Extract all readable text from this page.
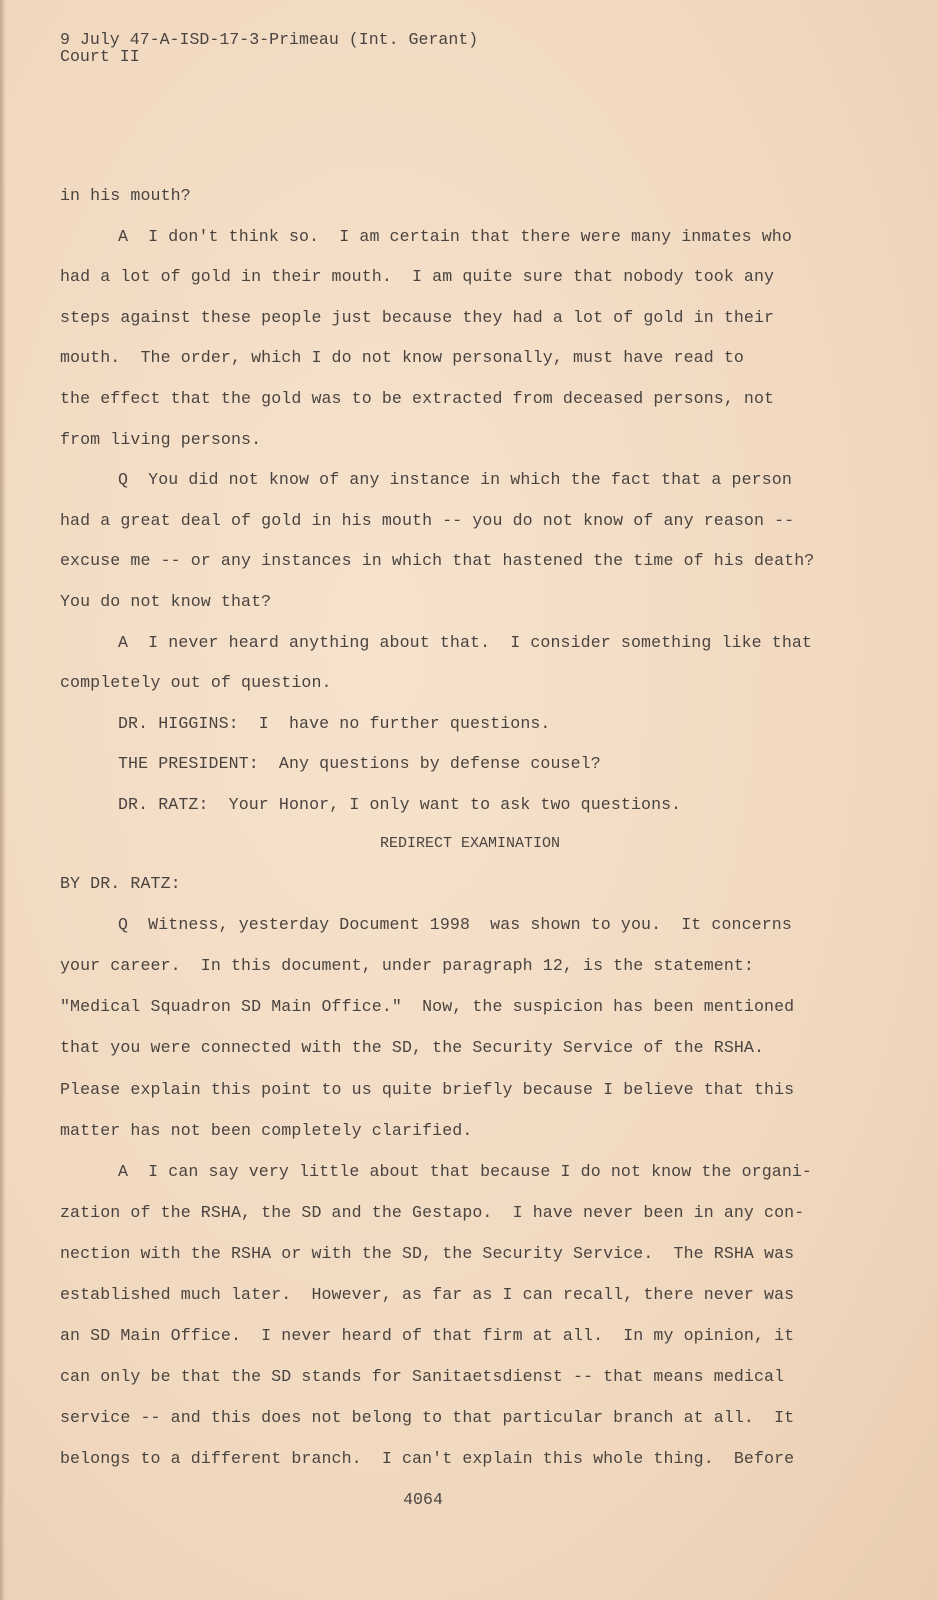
9 July 47-A-ISD-17-3-Primeau (Int. Gerant)
Court II
in his mouth?
A  I don't think so.  I am certain that there were many inmates who
had a lot of gold in their mouth.  I am quite sure that nobody took any
steps against these people just because they had a lot of gold in their
mouth.  The order, which I do not know personally, must have read to
the effect that the gold was to be extracted from deceased persons, not
from living persons.
Q  You did not know of any instance in which the fact that a person
had a great deal of gold in his mouth -- you do not know of any reason --
excuse me -- or any instances in which that hastened the time of his death?
You do not know that?
A  I never heard anything about that.  I consider something like that
completely out of question.
DR. HIGGINS:  I  have no further questions.
THE PRESIDENT:  Any questions by defense cousel?
DR. RATZ:  Your Honor, I only want to ask two questions.
REDIRECT EXAMINATION
BY DR. RATZ:
Q  Witness, yesterday Document 1998  was shown to you.  It concerns
your career.  In this document, under paragraph 12, is the statement:
"Medical Squadron SD Main Office."  Now, the suspicion has been mentioned
that you were connected with the SD, the Security Service of the RSHA.
Please explain this point to us quite briefly because I believe that this
matter has not been completely clarified.
A  I can say very little about that because I do not know the organi-
zation of the RSHA, the SD and the Gestapo.  I have never been in any con-
nection with the RSHA or with the SD, the Security Service.  The RSHA was
established much later.  However, as far as I can recall, there never was
an SD Main Office.  I never heard of that firm at all.  In my opinion, it
can only be that the SD stands for Sanitaetsdienst -- that means medical
service -- and this does not belong to that particular branch at all.  It
belongs to a different branch.  I can't explain this whole thing.  Before
4064
